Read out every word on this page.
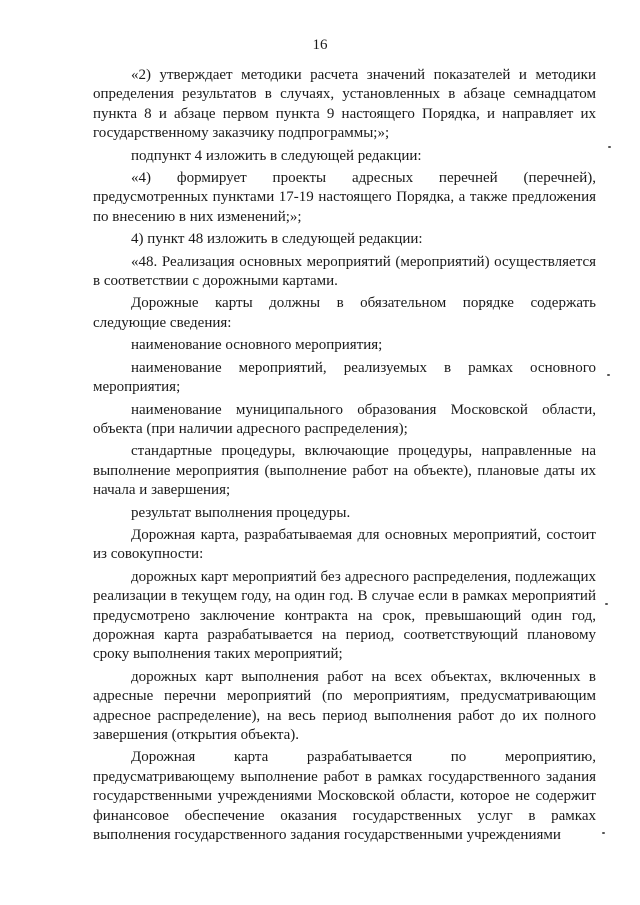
16

«2) утверждает методики расчета значений показателей и методики определения результатов в случаях, установленных в абзаце семнадцатом пункта 8 и абзаце первом пункта 9 настоящего Порядка, и направляет их государственному заказчику подпрограммы;»;

подпункт 4 изложить в следующей редакции:

«4) формирует проекты адресных перечней (перечней), предусмотренных пунктами 17-19 настоящего Порядка, а также предложения по внесению в них изменений;»;

4) пункт 48 изложить в следующей редакции:

«48. Реализация основных мероприятий (мероприятий) осуществляется в соответствии с дорожными картами.

Дорожные карты должны в обязательном порядке содержать следующие сведения:

наименование основного мероприятия;

наименование мероприятий, реализуемых в рамках основного мероприятия;

наименование муниципального образования Московской области, объекта (при наличии адресного распределения);

стандартные процедуры, включающие процедуры, направленные на выполнение мероприятия (выполнение работ на объекте), плановые даты их начала и завершения;

результат выполнения процедуры.

Дорожная карта, разрабатываемая для основных мероприятий, состоит из совокупности:

дорожных карт мероприятий без адресного распределения, подлежащих реализации в текущем году, на один год. В случае если в рамках мероприятий предусмотрено заключение контракта на срок, превышающий один год, дорожная карта разрабатывается на период, соответствующий плановому сроку выполнения таких мероприятий;

дорожных карт выполнения работ на всех объектах, включенных в адресные перечни мероприятий (по мероприятиям, предусматривающим адресное распределение), на весь период выполнения работ до их полного завершения (открытия объекта).

Дорожная карта разрабатывается по мероприятию, предусматривающему выполнение работ в рамках государственного задания государственными учреждениями Московской области, которое не содержит финансовое обеспечение оказания государственных услуг в рамках выполнения государственного задания государственными учреждениями
